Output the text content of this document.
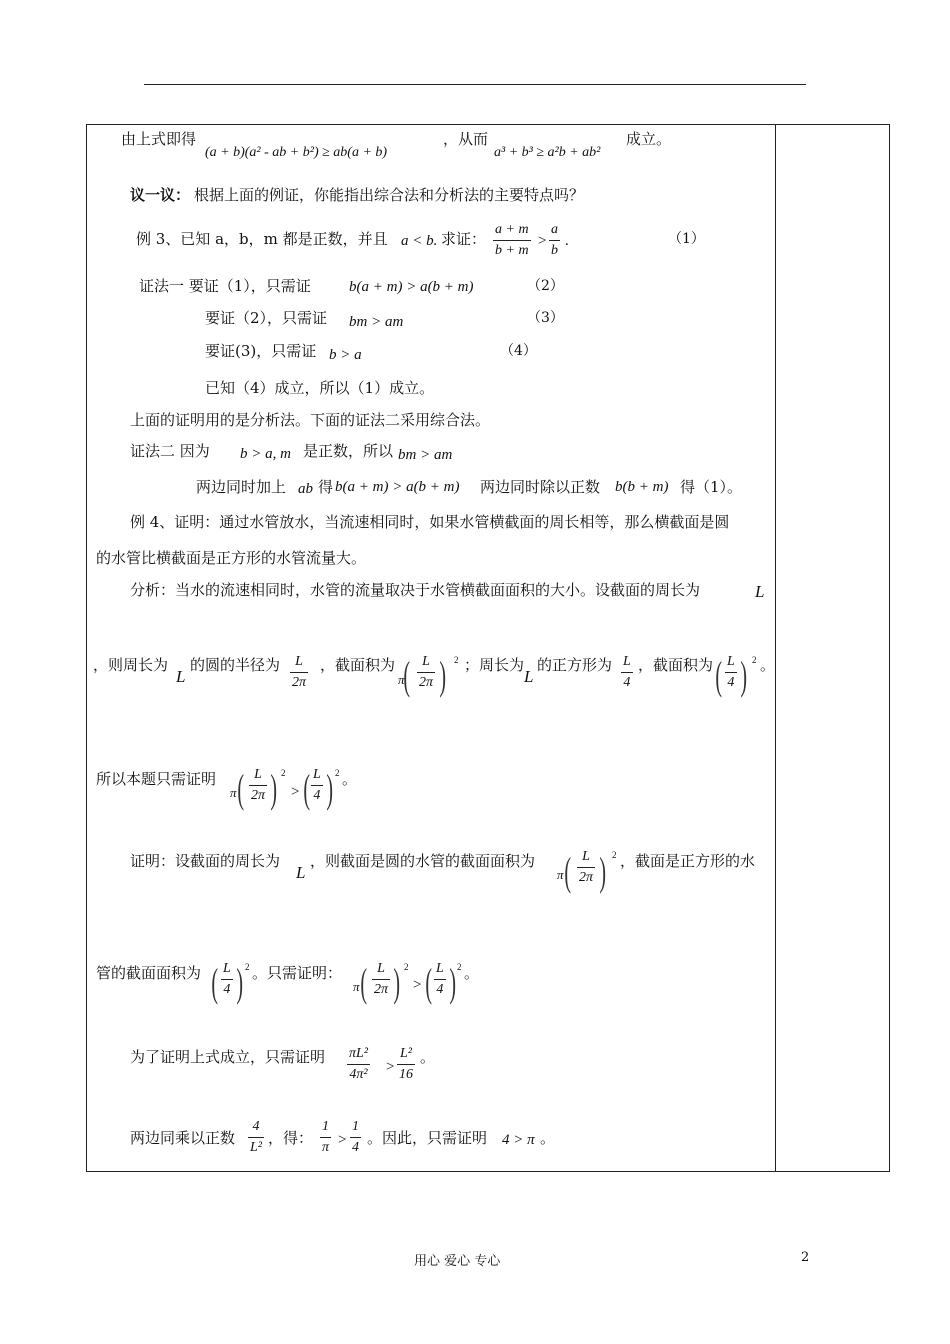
由上式即得
(a + b)(a² - ab + b²) ≥ ab(a + b)
，从而
a³ + b³ ≥ a²b + ab²
成立。
议一议： 根据上面的例证，你能指出综合法和分析法的主要特点吗？
例 3、已知 a，b，m 都是正数，并且 a < b. 求证：
a + m
b + m
>
a
b
.	（1）
证法一 要证（1），只需证	b(a + m) > a(b + m)	（2）
要证（2），只需证 bm > am	（3）
要证(3)，只需证 b > a	（4）
已知（4）成立，所以（1）成立。
上面的证明用的是分析法。下面的证法二采用综合法。
证法二 因为 b > a, m 是正数，所以 bm > am
两边同时加上 ab 得 b(a + m) > a(b + m) 两边同时除以正数 b(b + m) 得（1）。
例 4、证明：通过水管放水，当流速相同时，如果水管横截面的周长相等，那么横截面是圆
的水管比横截面是正方形的水管流量大。
分析：当水的流速相同时，水管的流量取决于水管横截面面积的大小。设截面的周长为	L
，则周长为
L
的圆的半径为 L
2π
，截面积为
π
( L
2π ) 2 ；周长为
L
的正方形为 L
4
，截面积为 ( L
4 ) 2 。
所以本题只需证明
π ( L
2π ) 2
> ( L
4 ) 2 。
证明：设截面的周长为
L
，则截面是圆的水管的截面面积为
π ( L
2π ) 2 ，截面是正方形的水
管的截面面积为 ( L
4 ) 2 。只需证明：
π ( L
2π ) 2
> ( L
4 ) 2 。
为了证明上式成立，只需证明 πL²
4π² >
L²
16
。
两边同乘以正数
4
L²
，得：
1
π >
1
4
。因此，只需证明 4 > π 。
用心 爱心 专心	2
